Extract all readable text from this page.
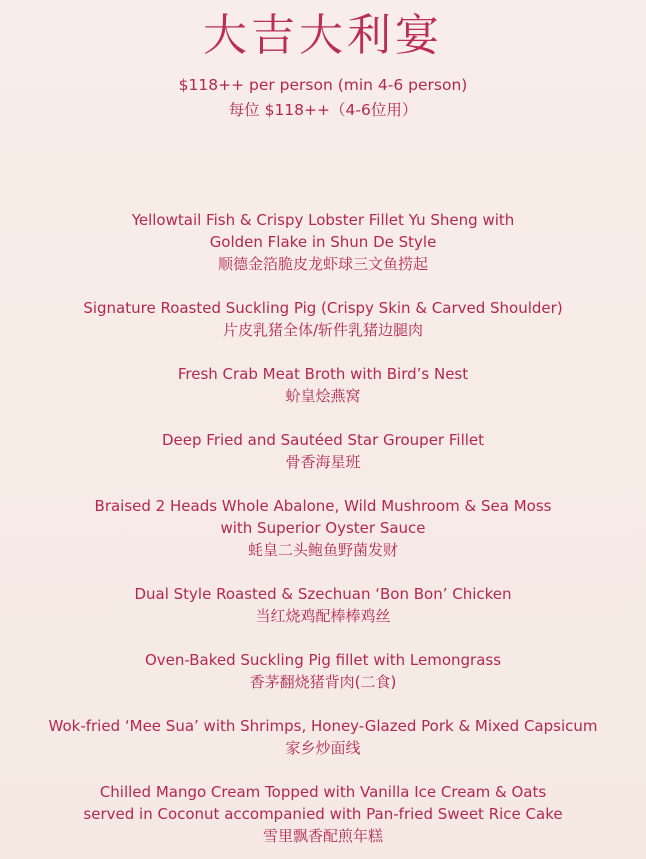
大吉大利宴
$118++ per person (min 4-6 person)
每位 $118++（4-6位用）
Yellowtail Fish & Crispy Lobster Fillet Yu Sheng with
Golden Flake in Shun De Style
顺德金箔脆皮龙虾球三文鱼捞起
Signature Roasted Suckling Pig (Crispy Skin & Carved Shoulder)
片皮乳猪全体/斩件乳猪边腿肉
Fresh Crab Meat Broth with Bird’s Nest
蚧皇烩燕窝
Deep Fried and Sautéed Star Grouper Fillet
骨香海星班
Braised 2 Heads Whole Abalone, Wild Mushroom & Sea Moss
with Superior Oyster Sauce
蚝皇二头鲍鱼野菌发财
Dual Style Roasted & Szechuan ‘Bon Bon’ Chicken
当红烧鸡配棒棒鸡丝
Oven-Baked Suckling Pig fillet with Lemongrass
香茅翻烧猪背肉(二食)
Wok-fried ‘Mee Sua’ with Shrimps, Honey-Glazed Pork & Mixed Capsicum
家乡炒面线
Chilled Mango Cream Topped with Vanilla Ice Cream & Oats
served in Coconut accompanied with Pan-fried Sweet Rice Cake
雪里飘香配煎年糕
